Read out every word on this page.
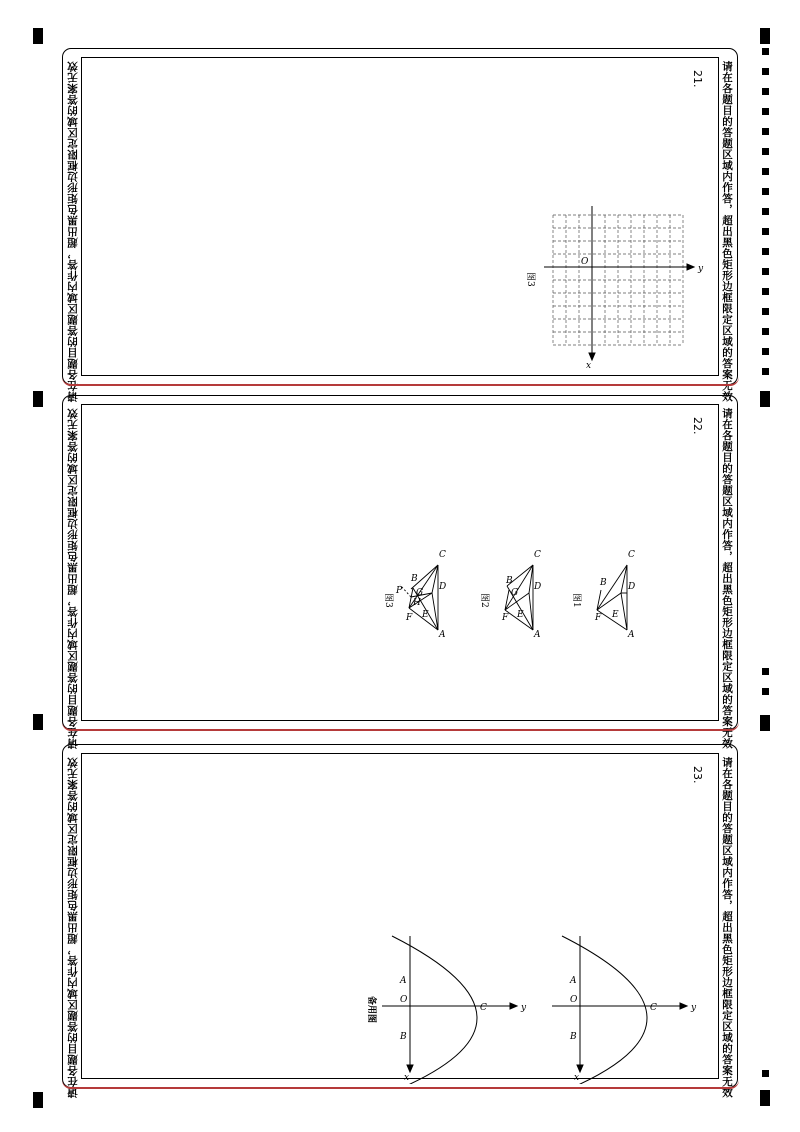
请在各题目的答题区域内作答，超出黑色矩形边框限定区域的答案无效
请在各题目的答题区域内作答，超出黑色矩形边框限定区域的答案无效	21.
y
x
O
图3
请在各题目的答题区域内作答，超出黑色矩形边框限定区域的答案无效
请在各题目的答题区域内作答，超出黑色矩形边框限定区域的答案无效	22.
A
B
C
D
E
F
图1
A
B
C
D
E
F
G
图2
A
B
C
D
E
F
G
H
P
图3
请在各题目的答题区域内作答，超出黑色矩形边框限定区域的答案无效
请在各题目的答题区域内作答，超出黑色矩形边框限定区域的答案无效	23.
y
x
O
A
B
C
y
x
O
A
B
C
备用图
